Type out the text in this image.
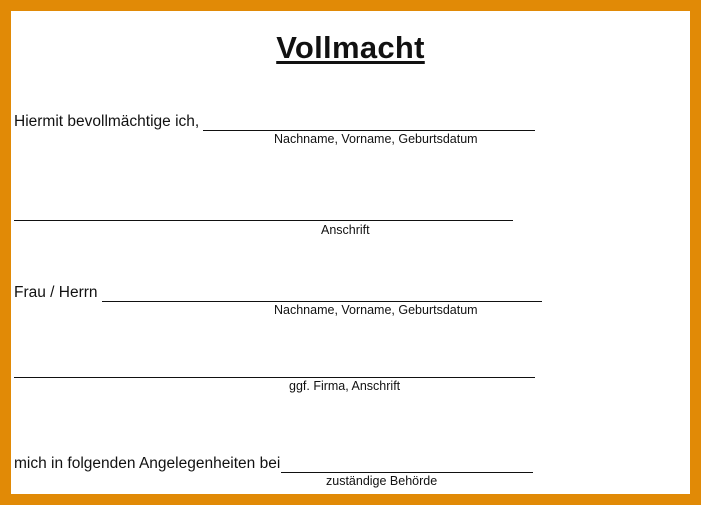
Vollmacht
Hiermit bevollmächtige ich,
Nachname, Vorname, Geburtsdatum
Anschrift
Frau / Herrn
Nachname, Vorname, Geburtsdatum
ggf. Firma, Anschrift
mich in folgenden Angelegenheiten bei
zuständige Behörde
